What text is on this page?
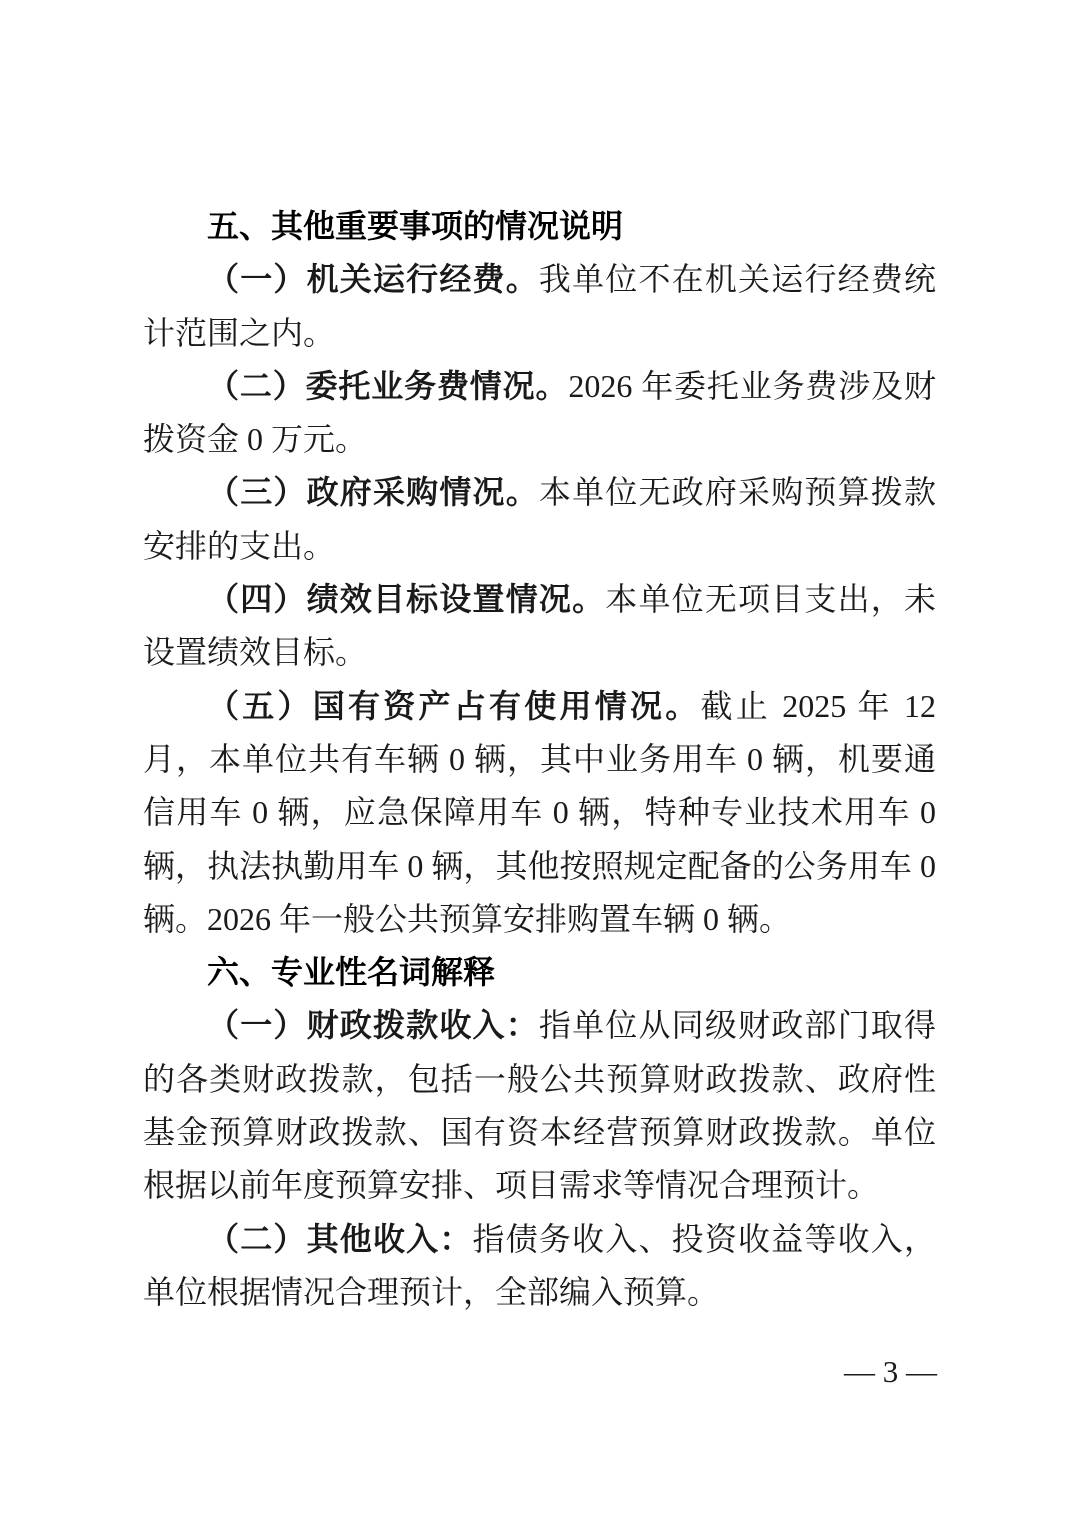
五、其他重要事项的情况说明

（一）机关运行经费。我单位不在机关运行经费统计范围之内。

（二）委托业务费情况。2026 年委托业务费涉及财拨资金 0 万元。

（三）政府采购情况。本单位无政府采购预算拨款安排的支出。

（四）绩效目标设置情况。本单位无项目支出，未设置绩效目标。

（五）国有资产占有使用情况。截止 2025 年 12 月，本单位共有车辆 0 辆，其中业务用车 0 辆，机要通信用车 0 辆，应急保障用车 0 辆，特种专业技术用车 0 辆，执法执勤用车 0 辆，其他按照规定配备的公务用车 0 辆。2026 年一般公共预算安排购置车辆 0 辆。

六、专业性名词解释

（一）财政拨款收入：指单位从同级财政部门取得的各类财政拨款，包括一般公共预算财政拨款、政府性基金预算财政拨款、国有资本经营预算财政拨款。单位根据以前年度预算安排、项目需求等情况合理预计。

（二）其他收入：指债务收入、投资收益等收入，单位根据情况合理预计，全部编入预算。

— 3 —
